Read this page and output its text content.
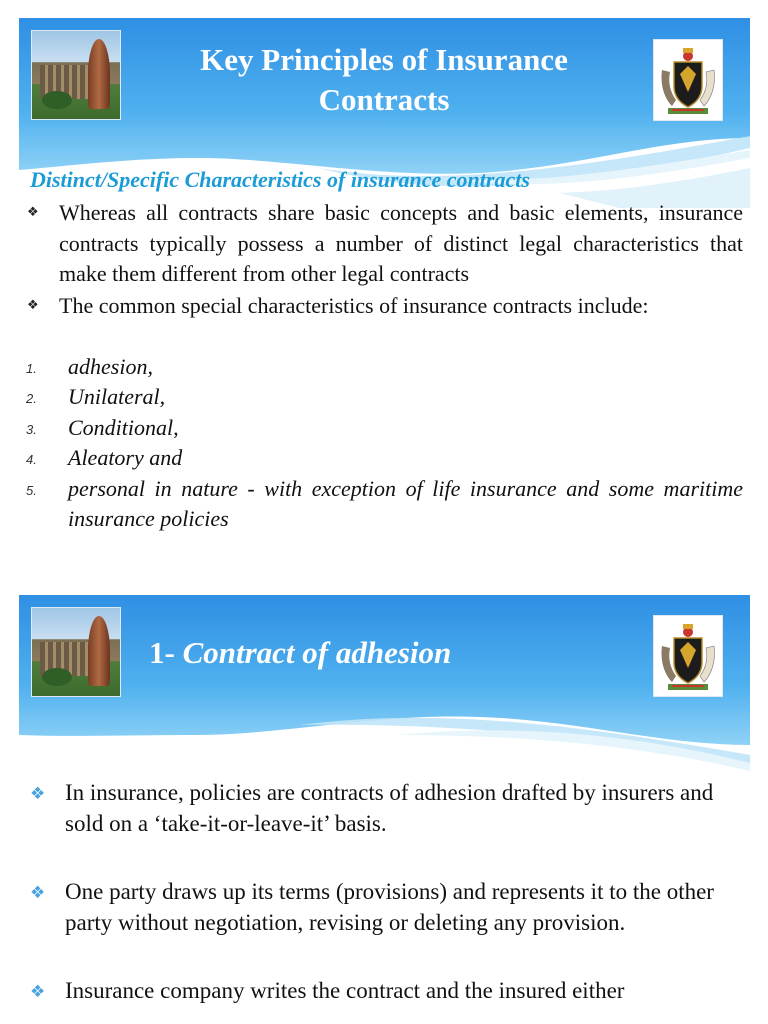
Key Principles of Insurance
Contracts
Distinct/Specific Characteristics of insurance contracts
❖ Whereas all contracts share basic concepts and basic elements, insurance contracts typically possess a number of distinct legal characteristics that make them different from other legal contracts
❖ The common special characteristics of insurance contracts include:
1. adhesion,
2. Unilateral,
3. Conditional,
4. Aleatory and
5. personal in nature - with exception of life insurance and some maritime insurance policies
1- Contract of adhesion
❖ In insurance, policies are contracts of adhesion drafted by insurers and sold on a ‘take-it-or-leave-it’ basis.
❖ One party draws up its terms (provisions) and represents it to the other party without negotiation, revising or deleting any provision.
❖ Insurance company writes the contract and the insured either
